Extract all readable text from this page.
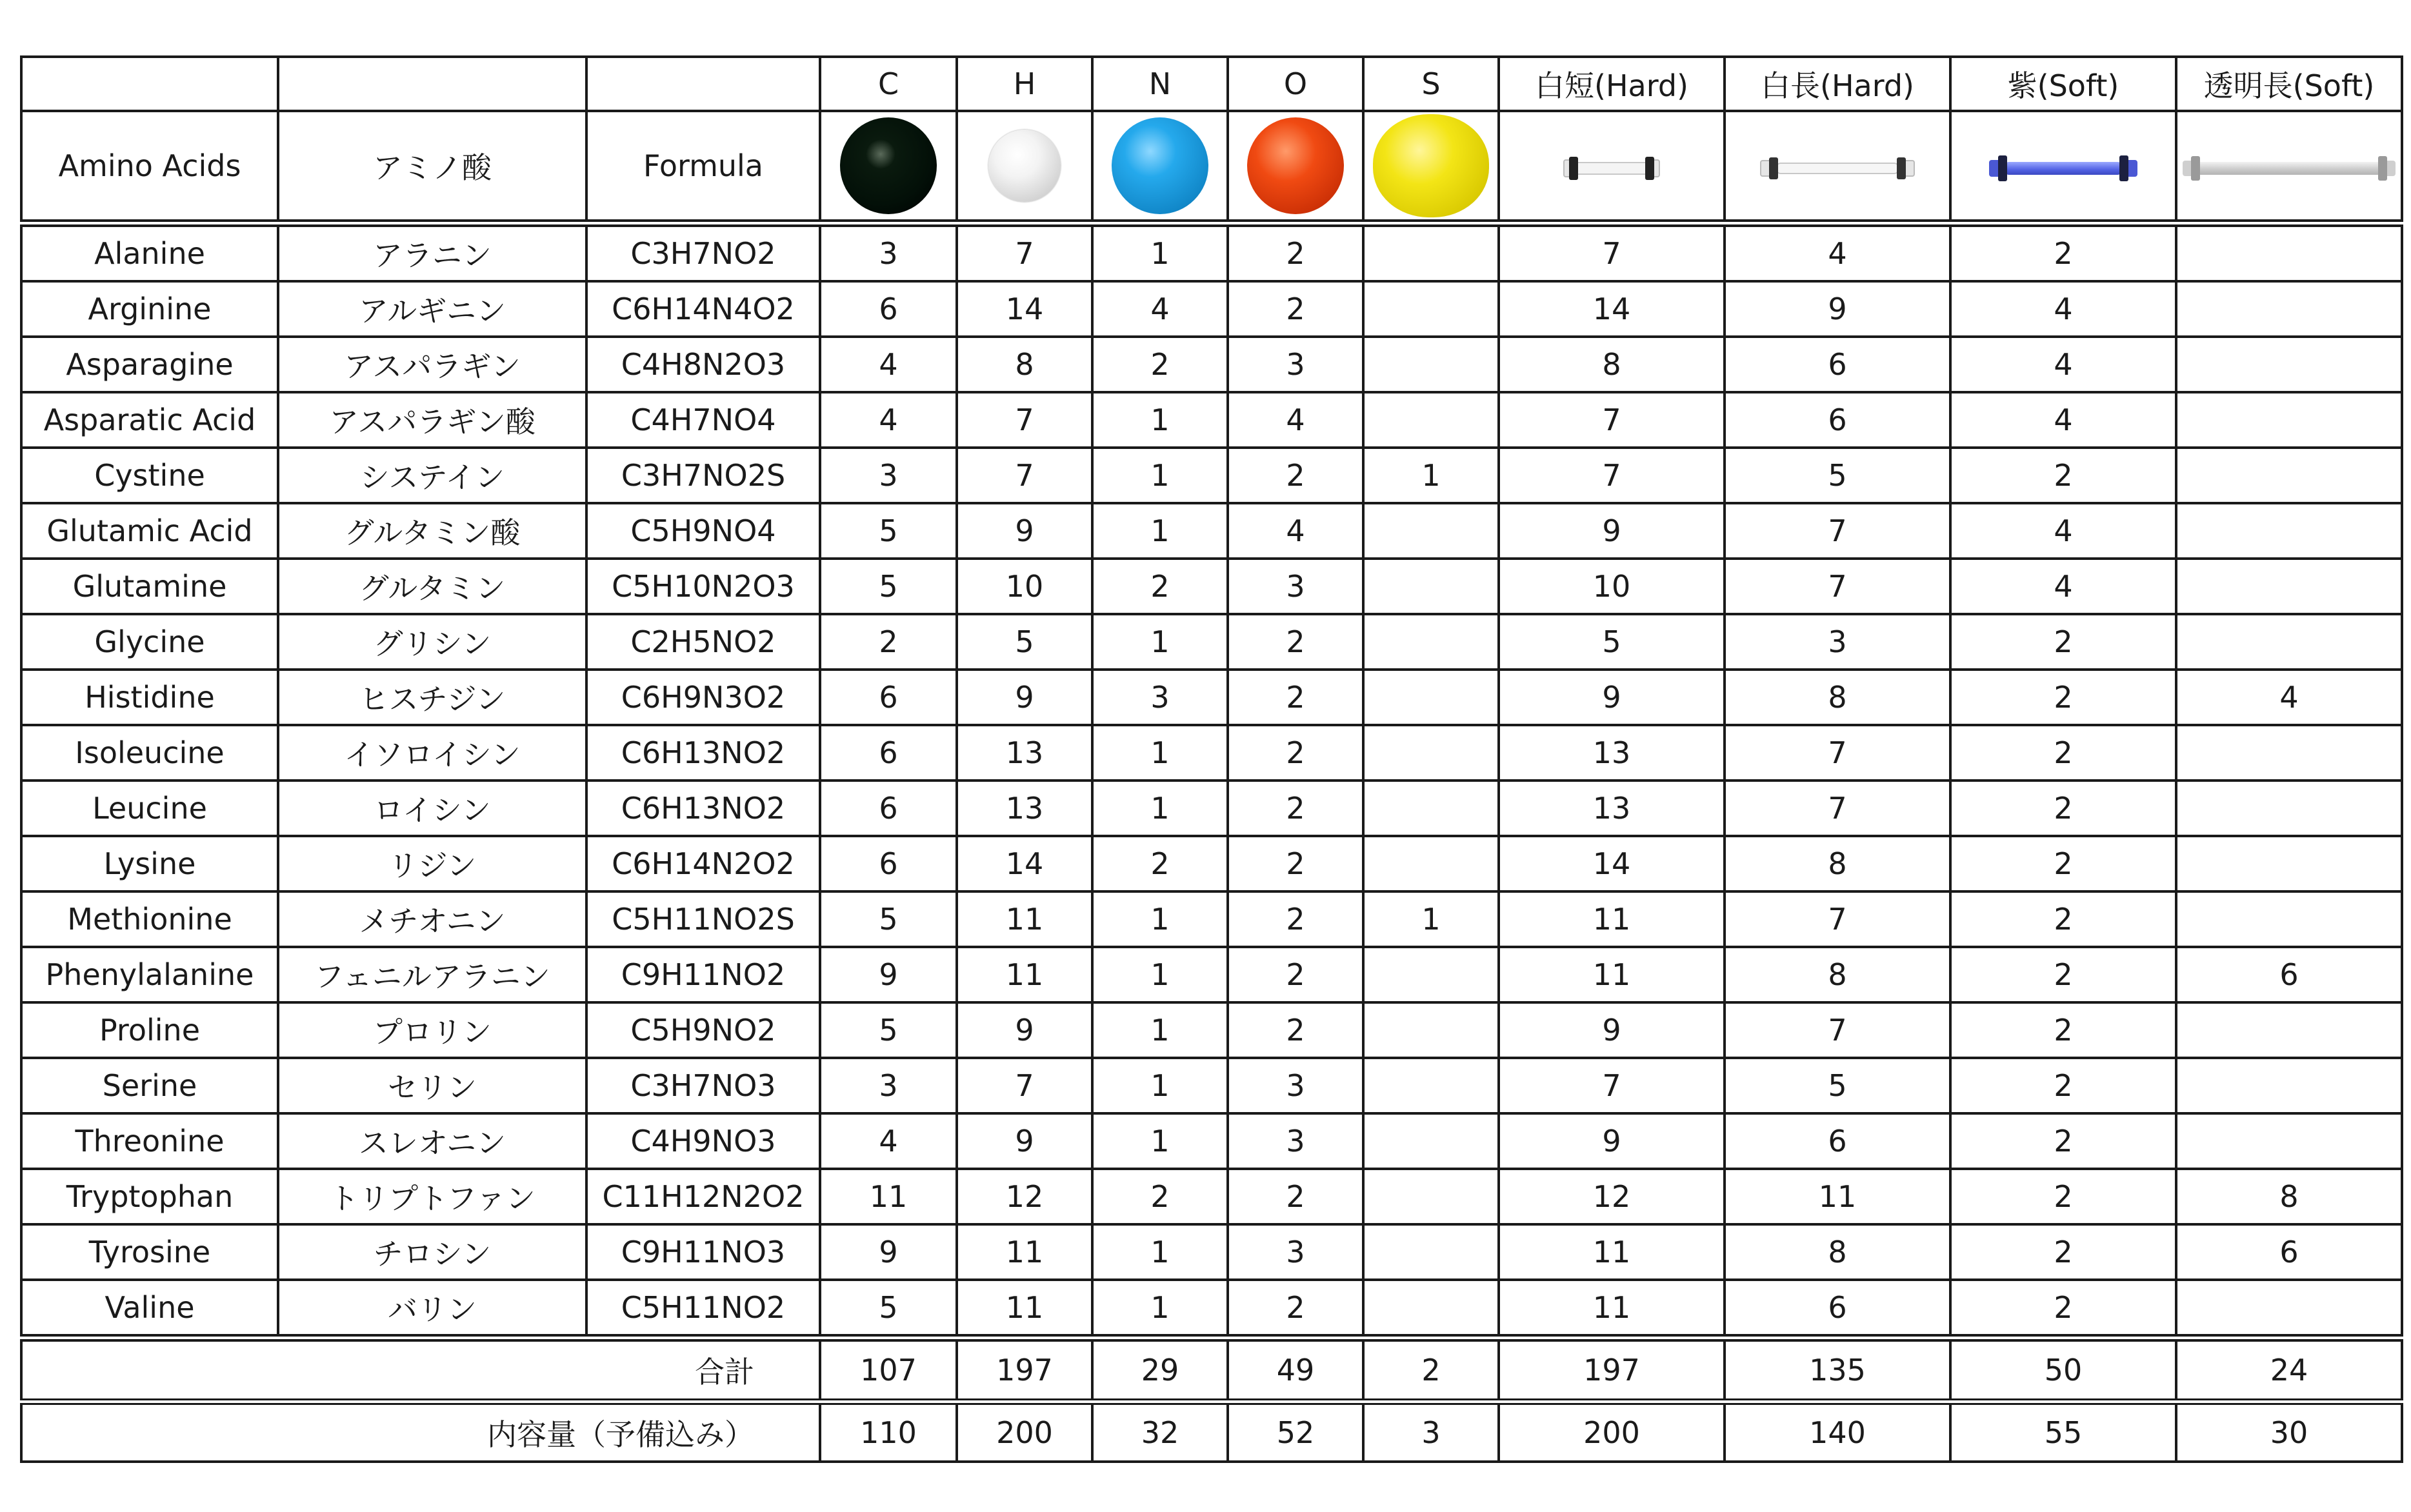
			C	H	N	O	S	白短(Hard)	白長(Hard)	紫(Soft)	透明長(Soft)
Amino Acids	アミノ酸	Formula						

Alanine	アラニン	C3H7NO2	3	7	1	2		7	4	2	
Arginine	アルギニン	C6H14N4O2	6	14	4	2		14	9	4	
Asparagine	アスパラギン	C4H8N2O3	4	8	2	3		8	6	4	
Asparatic Acid	アスパラギン酸	C4H7NO4	4	7	1	4		7	6	4	
Cystine	システイン	C3H7NO2S	3	7	1	2	1	7	5	2	
Glutamic Acid	グルタミン酸	C5H9NO4	5	9	1	4		9	7	4	
Glutamine	グルタミン	C5H10N2O3	5	10	2	3		10	7	4	
Glycine	グリシン	C2H5NO2	2	5	1	2		5	3	2	
Histidine	ヒスチジン	C6H9N3O2	6	9	3	2		9	8	2	4
Isoleucine	イソロイシン	C6H13NO2	6	13	1	2		13	7	2	
Leucine	ロイシン	C6H13NO2	6	13	1	2		13	7	2	
Lysine	リジン	C6H14N2O2	6	14	2	2		14	8	2	
Methionine	メチオニン	C5H11NO2S	5	11	1	2	1	11	7	2	
Phenylalanine	フェニルアラニン	C9H11NO2	9	11	1	2		11	8	2	6
Proline	プロリン	C5H9NO2	5	9	1	2		9	7	2	
Serine	セリン	C3H7NO3	3	7	1	3		7	5	2	
Threonine	スレオニン	C4H9NO3	4	9	1	3		9	6	2	
Tryptophan	トリプトファン	C11H12N2O2	11	12	2	2		12	11	2	8
Tyrosine	チロシン	C9H11NO3	9	11	1	3		11	8	2	6
Valine	バリン	C5H11NO2	5	11	1	2		11	6	2	
合計			107	197	29	49	2	197	135	50	24
内容量（予備込み）			110	200	32	52	3	200	140	55	30
